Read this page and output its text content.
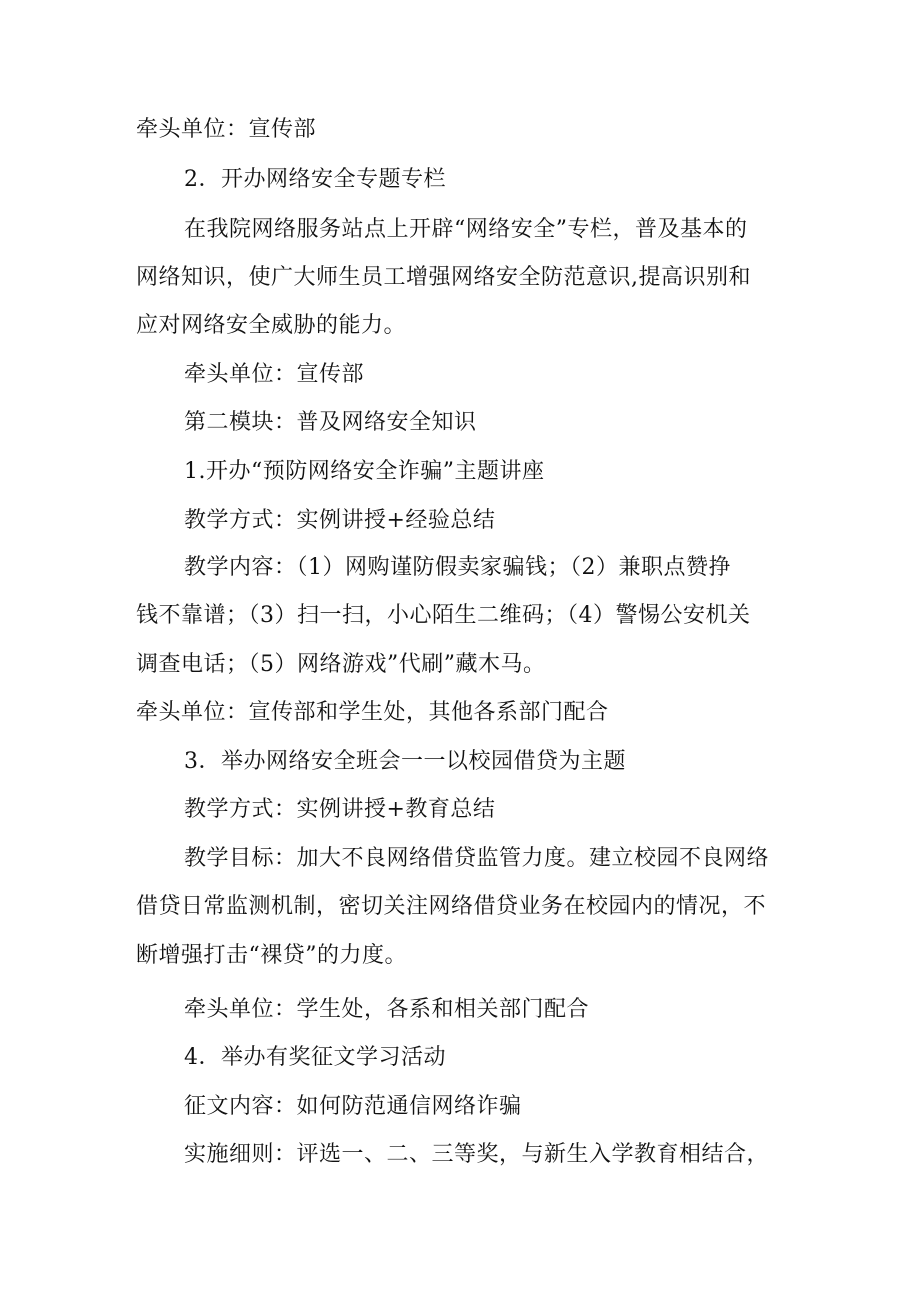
牵头单位：宣传部
2．开办网络安全专题专栏
在我院网络服务站点上开辟“网络安全”专栏，普及基本的
网络知识，使广大师生员工增强网络安全防范意识,提高识别和
应对网络安全威胁的能力。
牵头单位：宣传部
第二模块：普及网络安全知识
1.开办“预防网络安全诈骗”主题讲座
教学方式：实例讲授+经验总结
教学内容：（1）网购谨防假卖家骗钱；（2）兼职点赞挣
钱不靠谱；（3）扫一扫，小心陌生二维码；（4）警惕公安机关
调查电话；（5）网络游戏”代刷”藏木马。
牵头单位：宣传部和学生处，其他各系部门配合
3．举办网络安全班会一一以校园借贷为主题
教学方式：实例讲授+教育总结
教学目标：加大不良网络借贷监管力度。建立校园不良网络
借贷日常监测机制，密切关注网络借贷业务在校园内的情况，不
断增强打击“裸贷”的力度。
牵头单位：学生处，各系和相关部门配合
4．举办有奖征文学习活动
征文内容：如何防范通信网络诈骗
实施细则：评选一、二、三等奖，与新生入学教育相结合，
